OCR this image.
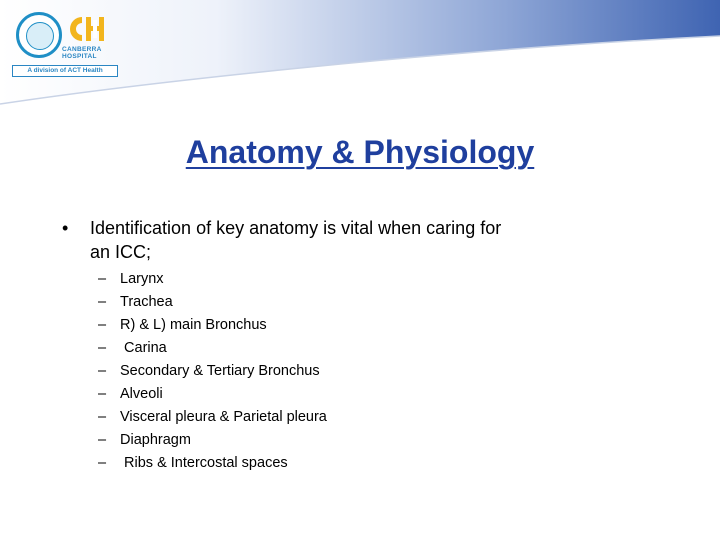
CANBERRA
HOSPITAL
A division of ACT Health
Anatomy & Physiology
• Identification of key anatomy is vital when caring for
an ICC;
– Larynx
– Trachea
– R) & L) main Bronchus
– Carina
– Secondary & Tertiary Bronchus
– Alveoli
– Visceral pleura & Parietal pleura
– Diaphragm
– Ribs & Intercostal spaces
